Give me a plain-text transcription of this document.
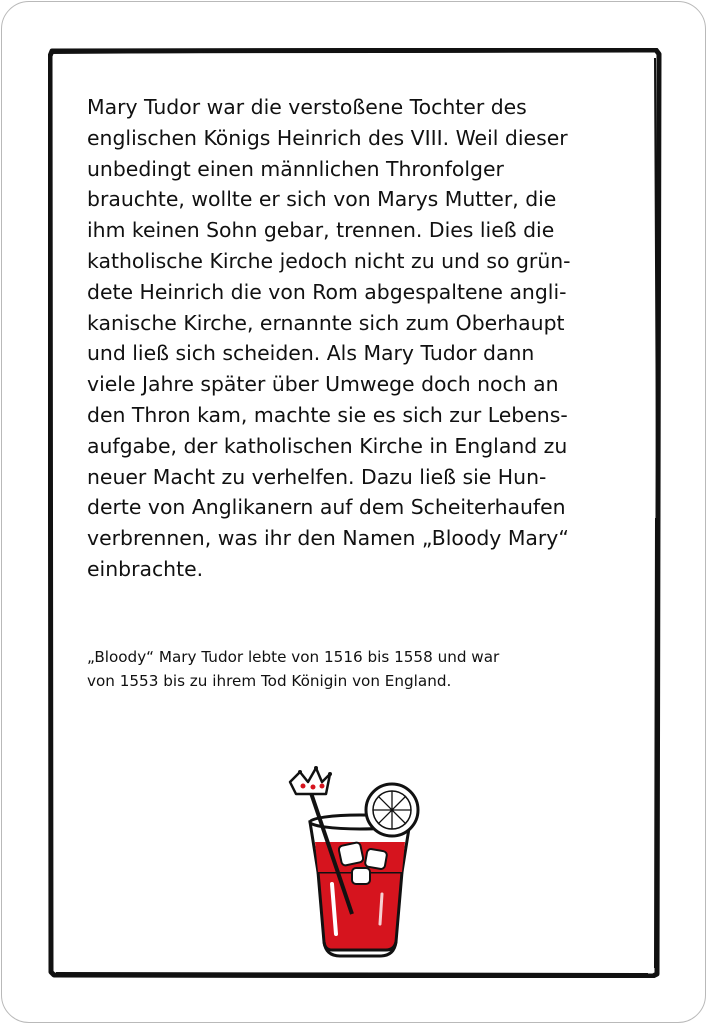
Mary Tudor war die verstoßene Tochter des
englischen Königs Heinrich des VIII. Weil dieser
unbedingt einen männlichen Thronfolger
brauchte, wollte er sich von Marys Mutter, die
ihm keinen Sohn gebar, trennen. Dies ließ die
katholische Kirche jedoch nicht zu und so grün-
dete Heinrich die von Rom abgespaltene angli-
kanische Kirche, ernannte sich zum Oberhaupt
und ließ sich scheiden. Als Mary Tudor dann
viele Jahre später über Umwege doch noch an
den Thron kam, machte sie es sich zur Lebens-
aufgabe, der katholischen Kirche in England zu
neuer Macht zu verhelfen. Dazu ließ sie Hun-
derte von Anglikanern auf dem Scheiterhaufen
verbrennen, was ihr den Namen „Bloody Mary“
einbrachte.

„Bloody“ Mary Tudor lebte von 1516 bis 1558 und war
von 1553 bis zu ihrem Tod Königin von England.
